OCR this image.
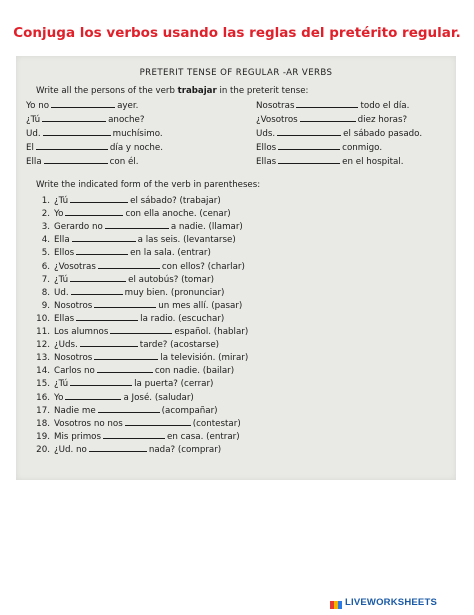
Conjuga los verbos usando las reglas del pretérito regular.
PRETERIT TENSE OF REGULAR -AR VERBS
Write all the persons of the verb trabajar in the preterit tense:
Yo no	ayer.
¿Tú	anoche?
Ud.	muchísimo.
El	día y noche.
Ella	con él.
Nosotras	todo el día.
¿Vosotros	diez horas?
Uds.	el sábado pasado.
Ellos	conmigo.
Ellas	en el hospital.
Write the indicated form of the verb in parentheses:
1. ¿Tú	el sábado? (trabajar)
2. Yo	con ella anoche. (cenar)
3. Gerardo no	a nadie. (llamar)
4. Ella	a las seis. (levantarse)
5. Ellos	en la sala. (entrar)
6. ¿Vosotras	con ellos? (charlar)
7. ¿Tú	el autobús? (tomar)
8. Ud.	muy bien. (pronunciar)
9. Nosotros	un mes allí. (pasar)
10. Ellas	la radio. (escuchar)
11. Los alumnos	español. (hablar)
12. ¿Uds.	tarde? (acostarse)
13. Nosotros	la televisión. (mirar)
14. Carlos no	con nadie. (bailar)
15. ¿Tú	la puerta? (cerrar)
16. Yo	a José. (saludar)
17. Nadie me	(acompañar)
18. Vosotros no nos	(contestar)
19. Mis primos	en casa. (entrar)
20. ¿Ud. no	nada? (comprar)
LIVEWORKSHEETS
